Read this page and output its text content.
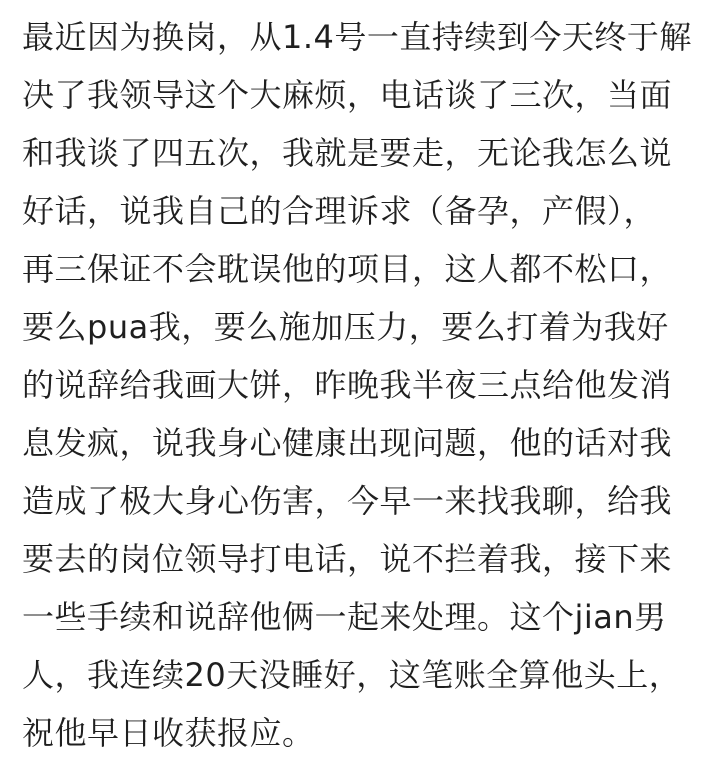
最近因为换岗，从1.4号一直持续到今天终于解
决了我领导这个大麻烦，电话谈了三次，当面
和我谈了四五次，我就是要走，无论我怎么说
好话，说我自己的合理诉求（备孕，产假），
再三保证不会耽误他的项目，这人都不松口，
要么pua我，要么施加压力，要么打着为我好
的说辞给我画大饼，昨晚我半夜三点给他发消
息发疯，说我身心健康出现问题，他的话对我
造成了极大身心伤害，今早一来找我聊，给我
要去的岗位领导打电话，说不拦着我，接下来
一些手续和说辞他俩一起来处理。这个jian男
人，我连续20天没睡好，这笔账全算他头上，
祝他早日收获报应。
